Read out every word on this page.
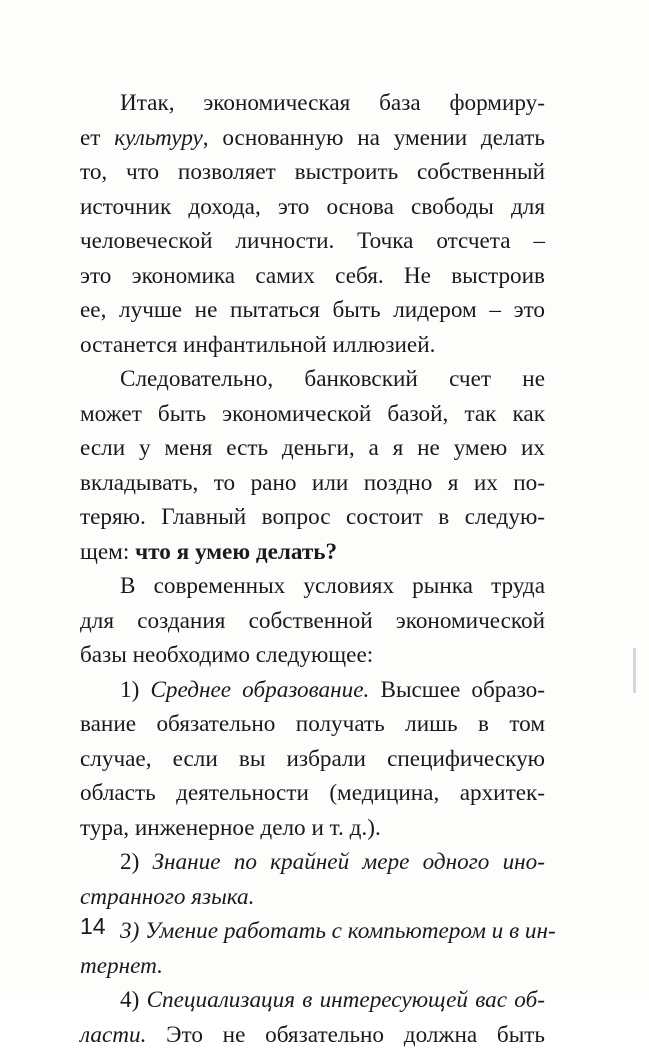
Итак, экономическая база формиру-
ет культуру, основанную на умении делать
то, что позволяет выстроить собственный
источник дохода, это основа свободы для
человеческой личности. Точка отсчета –
это экономика самих себя. Не выстроив
ее, лучше не пытаться быть лидером – это
останется инфантильной иллюзией.
Следовательно, банковский счет не
может быть экономической базой, так как
если у меня есть деньги, а я не умею их
вкладывать, то рано или поздно я их по-
теряю. Главный вопрос состоит в следую-
щем: что я умею делать?
В современных условиях рынка труда
для создания собственной экономической
базы необходимо следующее:
1) Среднее образование. Высшее образо-
вание обязательно получать лишь в том
случае, если вы избрали специфическую
область деятельности (медицина, архитек-
тура, инженерное дело и т. д.).
2) Знание по крайней мере одного ино-
странного языка.
3) Умение работать с компьютером и в ин-
тернет.
4) Специализация в интересующей вас об-
ласти. Это не обязательно должна быть
14
